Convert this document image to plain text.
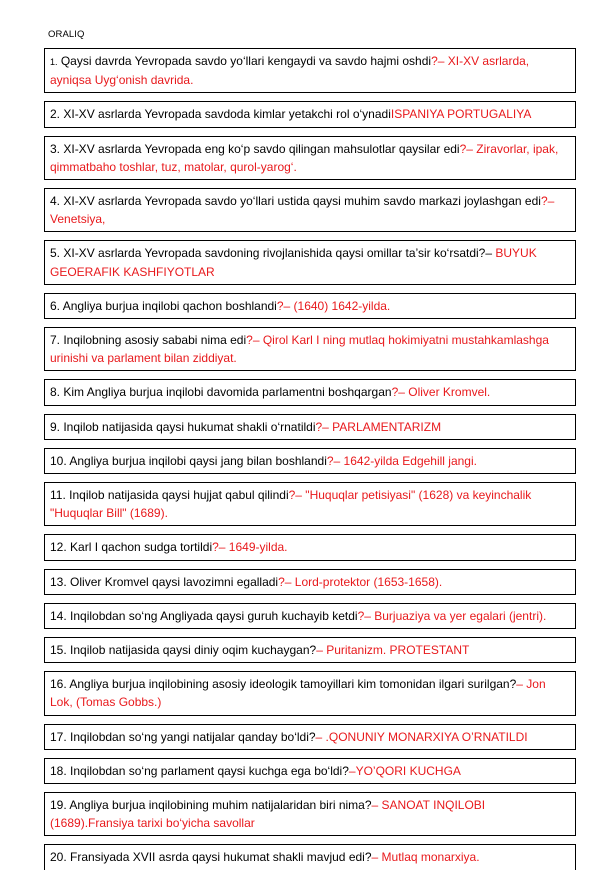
ORALIQ
1. Qaysi davrda Yevropada savdo yo‘llari kengaydi va savdo hajmi oshdi?– XI-XV asrlarda, ayniqsa Uyg‘onish davrida.
2. XI-XV asrlarda Yevropada savdoda kimlar yetakchi rol o‘ynadiISPANIYA PORTUGALIYA
3. XI-XV asrlarda Yevropada eng ko‘p savdo qilingan mahsulotlar qaysilar edi?– Ziravorlar, ipak, qimmatbaho toshlar, tuz, matolar, qurol-yarog‘.
4. XI-XV asrlarda Yevropada savdo yo‘llari ustida qaysi muhim savdo markazi joylashgan edi?– Venetsiya,
5. XI-XV asrlarda Yevropada savdoning rivojlanishida qaysi omillar ta’sir ko‘rsatdi?– BUYUK GEOERAFIK KASHFIYOTLAR
6. Angliya burjua inqilobi qachon boshlandi?– (1640) 1642-yilda.
7. Inqilobning asosiy sababi nima edi?– Qirol Karl I ning mutlaq hokimiyatni mustahkamlashga urinishi va parlament bilan ziddiyat.
8. Kim Angliya burjua inqilobi davomida parlamentni boshqargan?– Oliver Kromvel.
9. Inqilob natijasida qaysi hukumat shakli o‘rnatildi?– PARLAMENTARIZM
10. Angliya burjua inqilobi qaysi jang bilan boshlandi?– 1642-yilda Edgehill jangi.
11. Inqilob natijasida qaysi hujjat qabul qilindi?– "Huquqlar petisiyasi" (1628) va keyinchalik "Huquqlar Bill" (1689).
12. Karl I qachon sudga tortildi?– 1649-yilda.
13. Oliver Kromvel qaysi lavozimni egalladi?– Lord-protektor (1653-1658).
14. Inqilobdan so‘ng Angliyada qaysi guruh kuchayib ketdi?– Burjuaziya va yer egalari (jentri).
15. Inqilob natijasida qaysi diniy oqim kuchaygan?– Puritanizm. PROTESTANT
16. Angliya burjua inqilobining asosiy ideologik tamoyillari kim tomonidan ilgari surilgan?– Jon Lok, (Tomas Gobbs.)
17. Inqilobdan so‘ng yangi natijalar qanday bo‘ldi?– .QONUNIY MONARXIYA O’RNATILDI
18. Inqilobdan so‘ng parlament qaysi kuchga ega bo‘ldi?–YO’QORI KUCHGA
19. Angliya burjua inqilobining muhim natijalaridan biri nima?– SANOAT INQILOBI (1689).Fransiya tarixi bo‘yicha savollar
20. Fransiyada XVII asrda qaysi hukumat shakli mavjud edi?– Mutlaq monarxiya.
